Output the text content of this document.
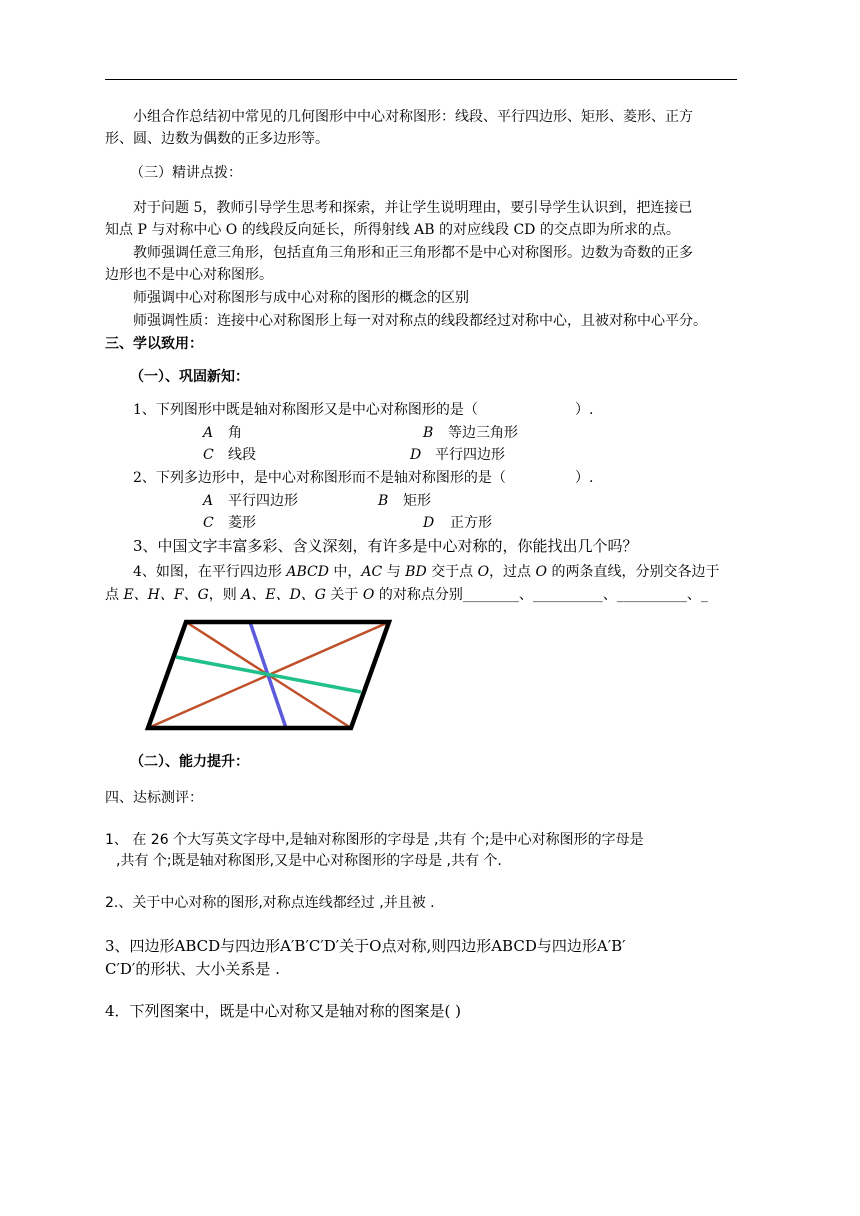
小组合作总结初中常见的几何图形中中心对称图形：线段、平行四边形、矩形、菱形、正方
形、圆、边数为偶数的正多边形等。
（三）精讲点拨：
对于问题 5，教师引导学生思考和探索，并让学生说明理由，要引导学生认识到，把连接已
知点 P 与对称中心 O 的线段反向延长，所得射线 AB 的对应线段 CD 的交点即为所求的点。
教师强调任意三角形，包括直角三角形和正三角形都不是中心对称图形。边数为奇数的正多
边形也不是中心对称图形。
师强调中心对称图形与成中心对称的图形的概念的区别
师强调性质：连接中心对称图形上每一对对称点的线段都经过对称中心，且被对称中心平分。
三、学以致用：
（一）、巩固新知：
1、下列图形中既是轴对称图形又是中心对称图形的是（	）.
A 角	B 等边三角形
C 线段	D 平行四边形
2、下列多边形中，是中心对称图形而不是轴对称图形的是（	）.
A 平行四边形	B 矩形
C 菱形	D 正方形
3、中国文字丰富多彩、含义深刻，有许多是中心对称的，你能找出几个吗？
4、如图，在平行四边形 ABCD 中，AC 与 BD 交于点 O，过点 O 的两条直线，分别交各边于
点 E、H、F、G，则 A、E、D、G 关于 O 的对称点分别________、__________、__________、_
（二）、能力提升：
四、达标测评：
1、 在 26 个大写英文字母中,是轴对称图形的字母是 ,共有 个;是中心对称图形的字母是
,共有 个;既是轴对称图形,又是中心对称图形的字母是 ,共有 个.
2.、关于中心对称的图形,对称点连线都经过 ,并且被 .
3、四边形ABCD与四边形A′B′C′D′关于O点对称,则四边形ABCD与四边形A′B′
C′D′的形状、大小关系是 .
4．下列图案中，既是中心对称又是轴对称的图案是( )
